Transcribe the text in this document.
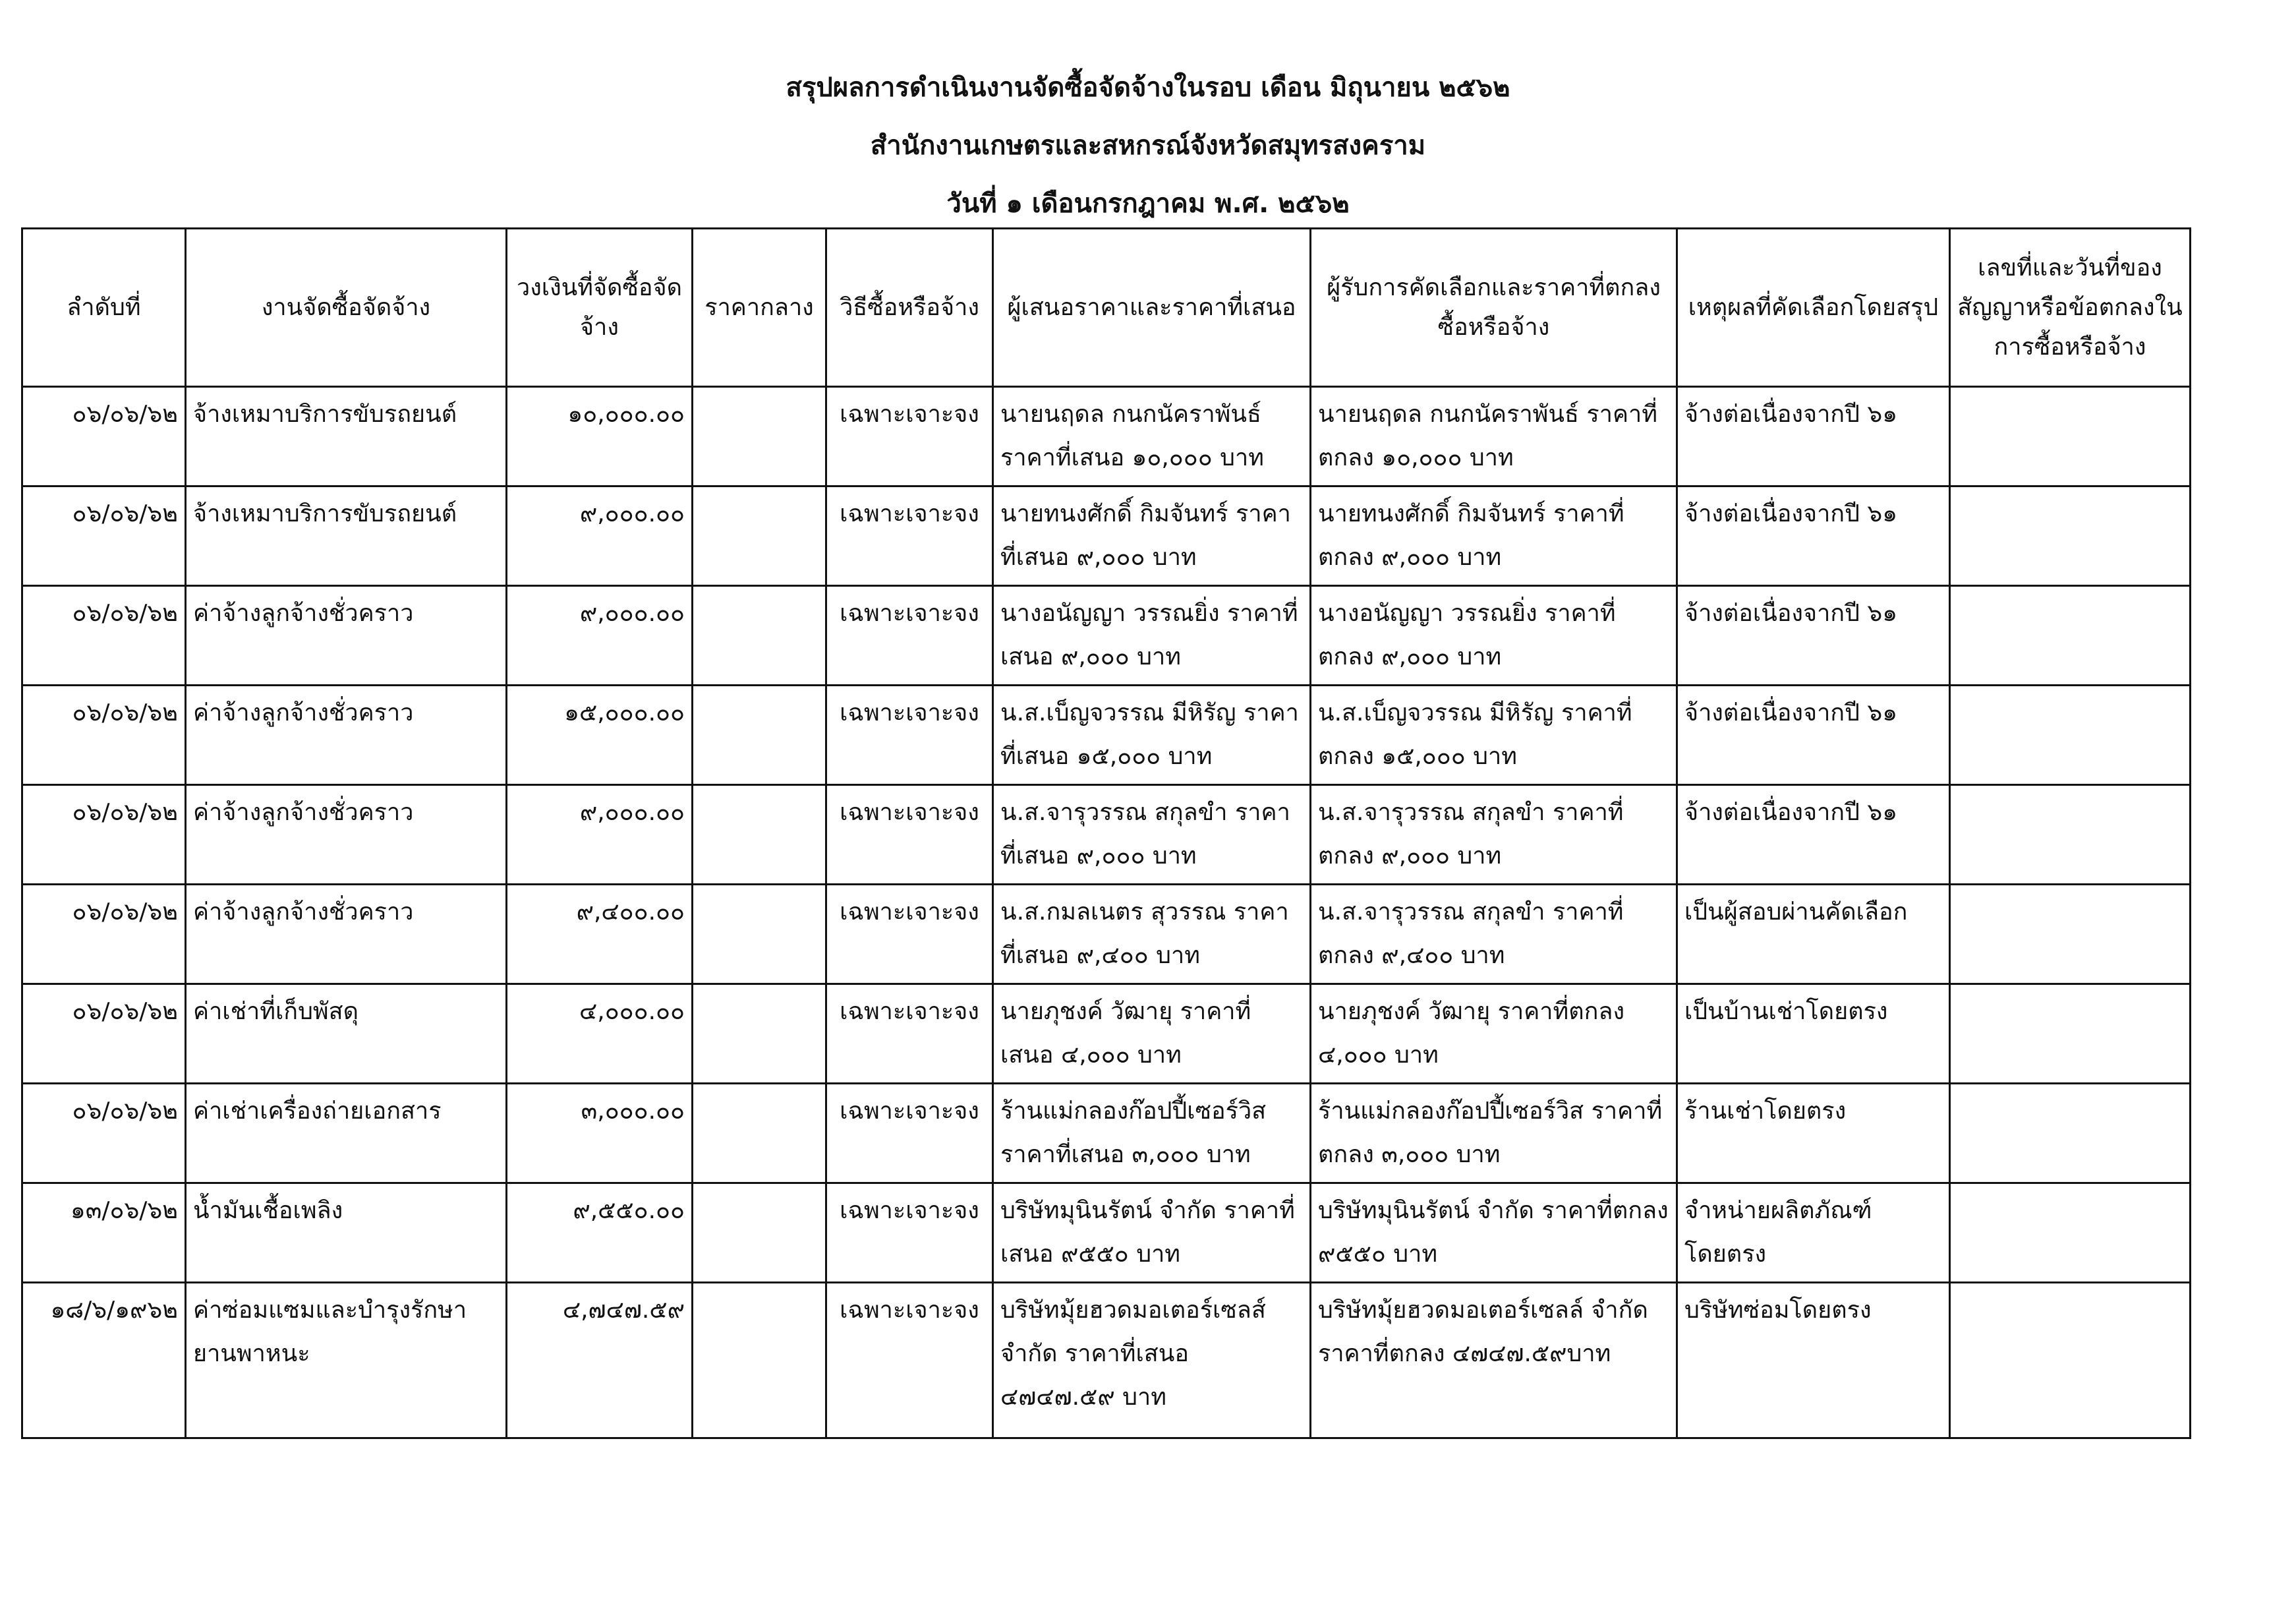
สรุปผลการดำเนินงานจัดซื้อจัดจ้างในรอบ เดือน มิถุนายน ๒๕๖๒
สำนักงานเกษตรและสหกรณ์จังหวัดสมุทรสงคราม
วันที่ ๑ เดือนกรกฎาคม พ.ศ. ๒๕๖๒
ลำดับที่	งานจัดซื้อจัดจ้าง	วงเงินที่จัดซื้อจัดจ้าง	ราคากลาง	วิธีซื้อหรือจ้าง	ผู้เสนอราคาและราคาที่เสนอ	ผู้รับการคัดเลือกและราคาที่ตกลงซื้อหรือจ้าง	เหตุผลที่คัดเลือกโดยสรุป	เลขที่และวันที่ของสัญญาหรือข้อตกลงในการซื้อหรือจ้าง
๐๖/๐๖/๖๒	จ้างเหมาบริการขับรถยนต์	๑๐,๐๐๐.๐๐		เฉพาะเจาะจง	นายนฤดล กนกนัคราพันธ์ ราคาที่เสนอ ๑๐,๐๐๐ บาท	นายนฤดล กนกนัคราพันธ์ ราคาที่ตกลง ๑๐,๐๐๐ บาท	จ้างต่อเนื่องจากปี ๖๑	
๐๖/๐๖/๖๒	จ้างเหมาบริการขับรถยนต์	๙,๐๐๐.๐๐		เฉพาะเจาะจง	นายทนงศักดิ์ กิมจันทร์ ราคาที่เสนอ ๙,๐๐๐ บาท	นายทนงศักดิ์ กิมจันทร์ ราคาที่ตกลง ๙,๐๐๐ บาท	จ้างต่อเนื่องจากปี ๖๑	
๐๖/๐๖/๖๒	ค่าจ้างลูกจ้างชั่วคราว	๙,๐๐๐.๐๐		เฉพาะเจาะจง	นางอนัญญา วรรณยิ่ง ราคาที่เสนอ ๙,๐๐๐ บาท	นางอนัญญา วรรณยิ่ง ราคาที่ตกลง ๙,๐๐๐ บาท	จ้างต่อเนื่องจากปี ๖๑	
๐๖/๐๖/๖๒	ค่าจ้างลูกจ้างชั่วคราว	๑๕,๐๐๐.๐๐		เฉพาะเจาะจง	น.ส.เบ็ญจวรรณ มีหิรัญ ราคาที่เสนอ ๑๕,๐๐๐ บาท	น.ส.เบ็ญจวรรณ มีหิรัญ ราคาที่ตกลง ๑๕,๐๐๐ บาท	จ้างต่อเนื่องจากปี ๖๑	
๐๖/๐๖/๖๒	ค่าจ้างลูกจ้างชั่วคราว	๙,๐๐๐.๐๐		เฉพาะเจาะจง	น.ส.จารุวรรณ สกุลขำ ราคาที่เสนอ ๙,๐๐๐ บาท	น.ส.จารุวรรณ สกุลขำ ราคาที่ตกลง ๙,๐๐๐ บาท	จ้างต่อเนื่องจากปี ๖๑	
๐๖/๐๖/๖๒	ค่าจ้างลูกจ้างชั่วคราว	๙,๔๐๐.๐๐		เฉพาะเจาะจง	น.ส.กมลเนตร สุวรรณ ราคาที่เสนอ ๙,๔๐๐ บาท	น.ส.จารุวรรณ สกุลขำ ราคาที่ตกลง ๙,๔๐๐ บาท	เป็นผู้สอบผ่านคัดเลือก	
๐๖/๐๖/๖๒	ค่าเช่าที่เก็บพัสดุ	๔,๐๐๐.๐๐		เฉพาะเจาะจง	นายภุชงค์ วัฒายุ ราคาที่เสนอ ๔,๐๐๐ บาท	นายภุชงค์ วัฒายุ ราคาที่ตกลง ๔,๐๐๐ บาท	เป็นบ้านเช่าโดยตรง	
๐๖/๐๖/๖๒	ค่าเช่าเครื่องถ่ายเอกสาร	๓,๐๐๐.๐๐		เฉพาะเจาะจง	ร้านแม่กลองก๊อปปี้เซอร์วิส ราคาที่เสนอ ๓,๐๐๐ บาท	ร้านแม่กลองก๊อปปี้เซอร์วิส ราคาที่ตกลง ๓,๐๐๐ บาท	ร้านเช่าโดยตรง	
๑๓/๐๖/๖๒	น้ำมันเชื้อเพลิง	๙,๕๕๐.๐๐		เฉพาะเจาะจง	บริษัทมุนินรัตน์ จำกัด ราคาที่เสนอ ๙๕๕๐ บาท	บริษัทมุนินรัตน์ จำกัด ราคาที่ตกลง ๙๕๕๐ บาท	จำหน่ายผลิตภัณฑ์โดยตรง	
๑๘/๖/๑๙๖๒	ค่าซ่อมแซมและบำรุงรักษายานพาหนะ	๔,๗๔๗.๕๙		เฉพาะเจาะจง	บริษัทมุ้ยฮวดมอเตอร์เซลส์ จำกัด ราคาที่เสนอ ๔๗๔๗.๕๙ บาท	บริษัทมุ้ยฮวดมอเตอร์เซลล์ จำกัด ราคาที่ตกลง ๔๗๔๗.๕๙บาท	บริษัทซ่อมโดยตรง	
